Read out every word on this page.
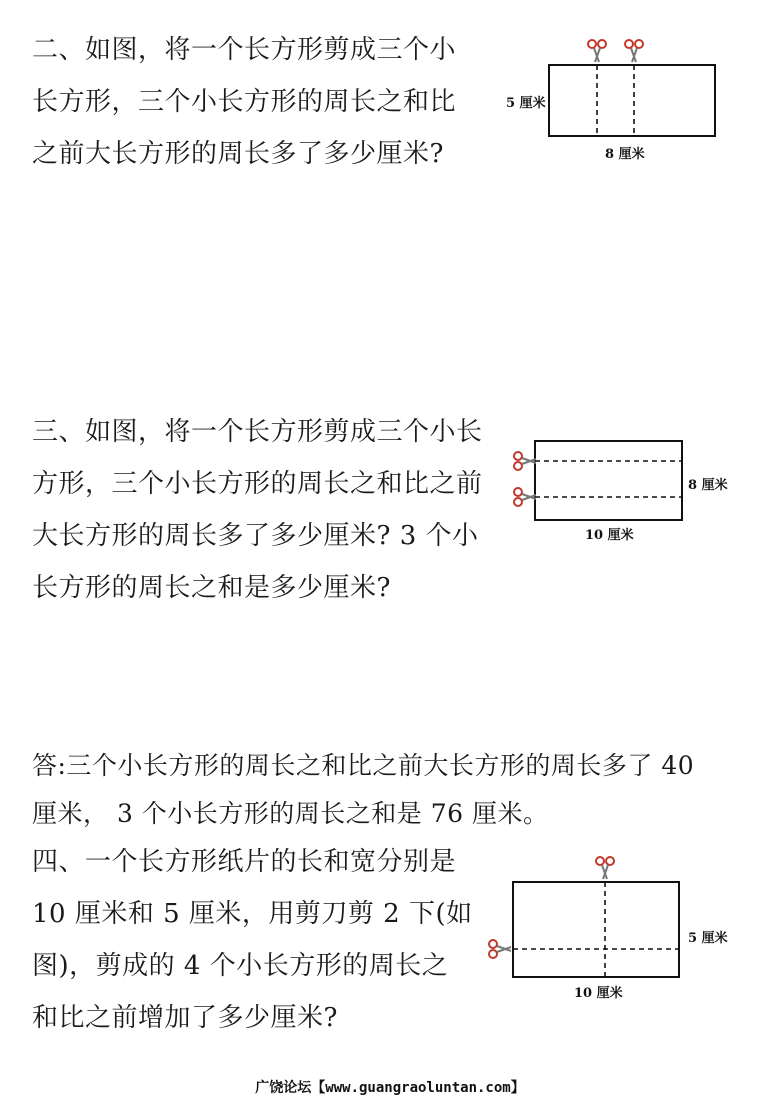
二、如图，将一个长方形剪成三个小
长方形，三个小长方形的周长之和比
之前大长方形的周长多了多少厘米?
5 厘米
8 厘米
三、如图，将一个长方形剪成三个小长
方形，三个小长方形的周长之和比之前
大长方形的周长多了多少厘米? 3 个小
长方形的周长之和是多少厘米?
8 厘米
10 厘米
答:三个小长方形的周长之和比之前大长方形的周长多了 40
厘米， 3 个小长方形的周长之和是 76 厘米。
四、一个长方形纸片的长和宽分别是
10 厘米和 5 厘米，用剪刀剪 2 下(如
图)，剪成的 4 个小长方形的周长之
和比之前增加了多少厘米?
5 厘米
10 厘米
广饶论坛【www.guangraoluntan.com】
